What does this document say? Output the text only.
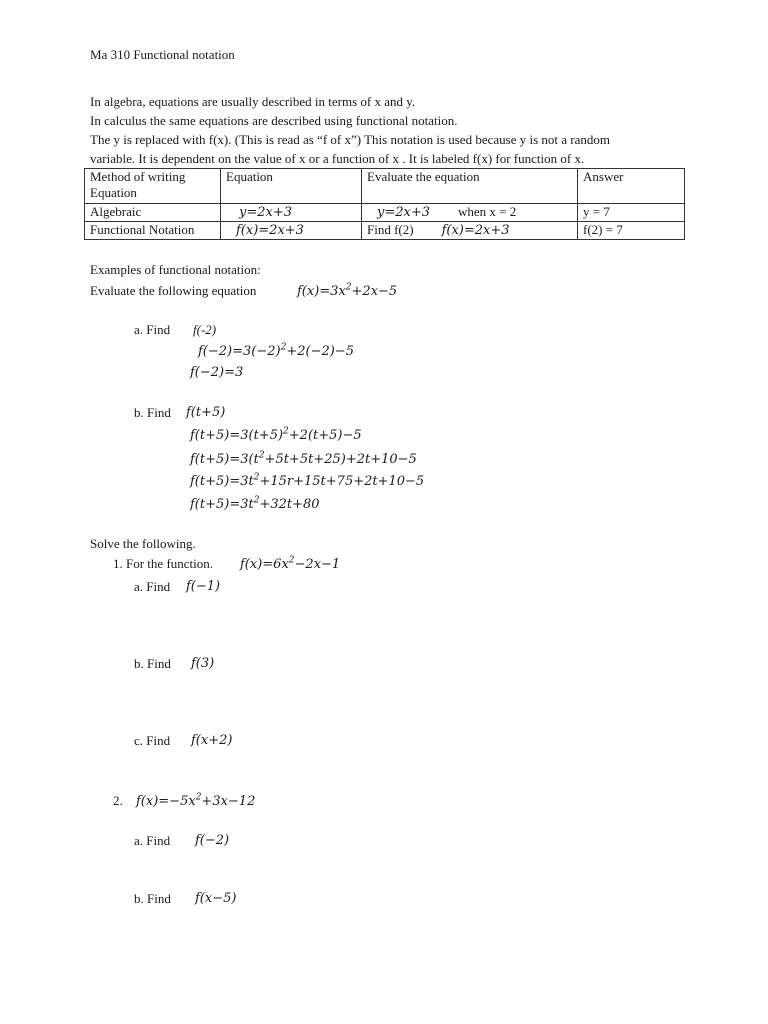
Ma 310 Functional notation
In algebra, equations are usually described in terms of x and y.
In calculus the same equations are described using functional notation.
The y is replaced with f(x). (This is read as “f of x”) This notation is used because y is not a random
variable. It is dependent on the value of x or a function of x . It is labeled f(x) for function of x.
Method of writing Equation	Equation	Evaluate the equation	Answer
Algebraic	y=2x+3	y=2x+3 when x = 2	y = 7
Functional Notation	f(x)=2x+3	Find f(2) f(x)=2x+3	f(2) = 7
Examples of functional notation:
Evaluate the following equation	$f(x)=3x^2+2x-5$
a. Find f(-2)
$f(-2)=3(-2)^2+2(-2)-5$
f(−2)=3
b. Find f(t+5)
$f(t+5)=3(t+5)^2+2(t+5)-5$
$f(t+5)=3(t^2+5t+5t+25)+2t+10-5$
$f(t+5)=3t^2+15r+15t+75+2t+10-5$
$f(t+5)=3t^2+32t+80$
Solve the following.
1. For the function. $f(x)=6x^2-2x-1$
a. Find f(−1)
b. Find f(3)
c. Find f(x+2)
2. $f(x)=-5x^2+3x-12$
a. Find f(−2)
b. Find f(x−5)
